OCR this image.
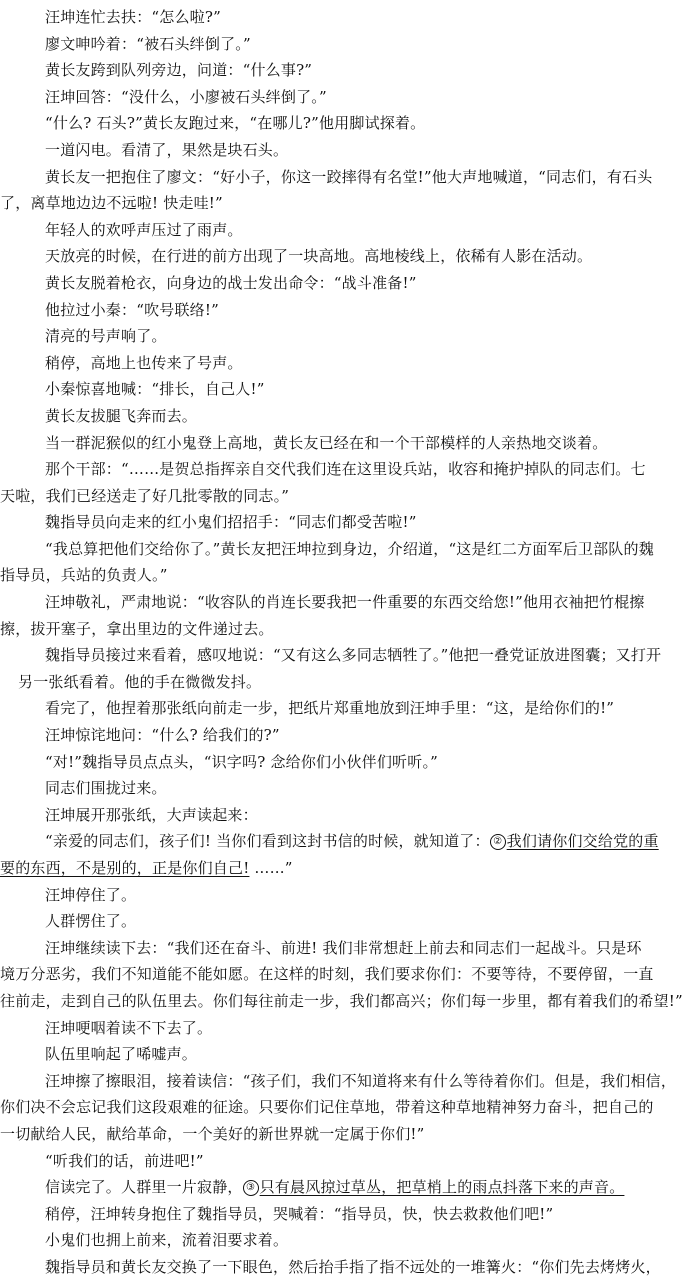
汪坤连忙去扶：“怎么啦?”
廖文呻吟着：“被石头绊倒了。”
黄长友跨到队列旁边，问道：“什么事?”
汪坤回答：“没什么，小廖被石头绊倒了。”
“什么? 石头?”黄长友跑过来，“在哪儿?”他用脚试探着。
一道闪电。看清了，果然是块石头。
黄长友一把抱住了廖文：“好小子，你这一跤摔得有名堂!”他大声地喊道，“同志们，有石头
了，离草地边边不远啦! 快走哇!”
年轻人的欢呼声压过了雨声。
天放亮的时候，在行进的前方出现了一块高地。高地棱线上，依稀有人影在活动。
黄长友脱着枪衣，向身边的战士发出命令：“战斗准备!”
他拉过小秦：“吹号联络!”
清亮的号声响了。
稍停，高地上也传来了号声。
小秦惊喜地喊：“排长，自己人!”
黄长友拔腿飞奔而去。
当一群泥猴似的红小鬼登上高地，黄长友已经在和一个干部模样的人亲热地交谈着。
那个干部：“……是贺总指挥亲自交代我们连在这里设兵站，收容和掩护掉队的同志们。七
天啦，我们已经送走了好几批零散的同志。”
魏指导员向走来的红小鬼们招招手：“同志们都受苦啦!”
“我总算把他们交给你了。”黄长友把汪坤拉到身边，介绍道，“这是红二方面军后卫部队的魏
指导员，兵站的负责人。”
汪坤敬礼，严肃地说：“收容队的肖连长要我把一件重要的东西交给您!”他用衣袖把竹棍擦
擦，拔开塞子，拿出里边的文件递过去。
魏指导员接过来看着，感叹地说：“又有这么多同志牺牲了。”他把一叠党证放进图囊；又打开
另一张纸看着。他的手在微微发抖。
看完了，他捏着那张纸向前走一步，把纸片郑重地放到汪坤手里：“这，是给你们的!”
汪坤惊诧地问：“什么? 给我们的?”
“对!”魏指导员点点头，“识字吗? 念给你们小伙伴们听听。”
同志们围拢过来。
汪坤展开那张纸，大声读起来：
“亲爱的同志们，孩子们! 当你们看到这封书信的时候，就知道了： ② 我们请你们交给党的重
要的东西，不是别的，正是你们自己! ……”
汪坤停住了。
人群愣住了。
汪坤继续读下去：“我们还在奋斗、前进! 我们非常想赶上前去和同志们一起战斗。只是环
境万分恶劣，我们不知道能不能如愿。在这样的时刻，我们要求你们：不要等待，不要停留，一直
往前走，走到自己的队伍里去。你们每往前走一步，我们都高兴；你们每一步里，都有着我们的希望!”
汪坤哽咽着读不下去了。
队伍里响起了唏嘘声。
汪坤擦了擦眼泪，接着读信：“孩子们，我们不知道将来有什么等待着你们。但是，我们相信，
你们决不会忘记我们这段艰难的征途。只要你们记住草地，带着这种草地精神努力奋斗，把自己的
一切献给人民，献给革命，一个美好的新世界就一定属于你们!”
“听我们的话，前进吧!”
信读完了。人群里一片寂静， ③ 只有晨风掠过草丛，把草梢上的雨点抖落下来的声音。
稍停，汪坤转身抱住了魏指导员，哭喊着：“指导员，快，快去救救他们吧!”
小鬼们也拥上前来，流着泪要求着。
魏指导员和黄长友交换了一下眼色，然后抬手指了指不远处的一堆篝火：“你们先去烤烤火，
